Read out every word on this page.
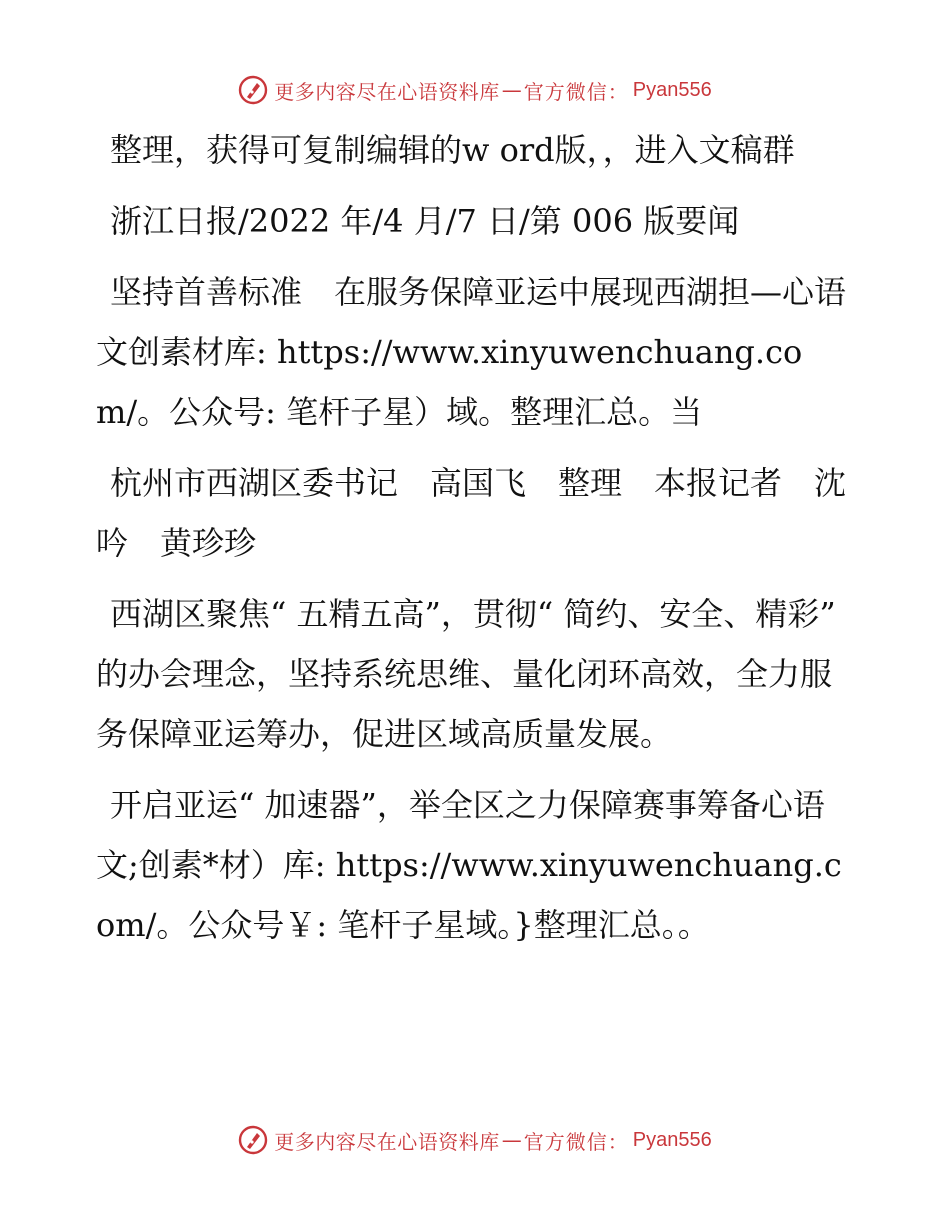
更多内容尽在心语资料库 — 官方微信： Pyan556

整理，获得可复制编辑的w ord版，，进入文稿群

浙江日报/2022 年/4 月/7 日/第 006 版要闻

坚持首善标准　在服务保障亚运中展现西湖担—心语文创素材库: https://www.xinyuwenchuang.com/。公众号: 笔杆子星）域。整理汇总。当

杭州市西湖区委书记　高国飞　整理　本报记者　沈吟　黄珍珍

西湖区聚焦“ 五精五高”，贯彻“ 简约、安全、精彩” 的办会理念，坚持系统思维、量化闭环高效，全力服务保障亚运筹办，促进区域高质量发展。

开启亚运“ 加速器”，举全区之力保障赛事筹备心语文;创素*材）库: https://www.xinyuwenchuang.com/。公众号￥: 笔杆子星域。}整理汇总。。

更多内容尽在心语资料库 — 官方微信： Pyan556
